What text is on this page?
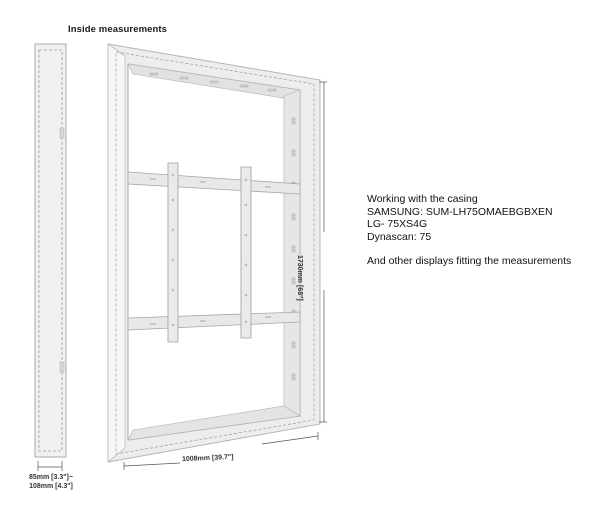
Inside measurements
1008mm [39.7"]
1730mm [68"]
85mm [3.3"]~
108mm [4.3"]
Working with the casing
SAMSUNG: SUM-LH75OMAEBGBXEN
LG- 75XS4G
Dynascan: 75
And other displays fitting the measurements
